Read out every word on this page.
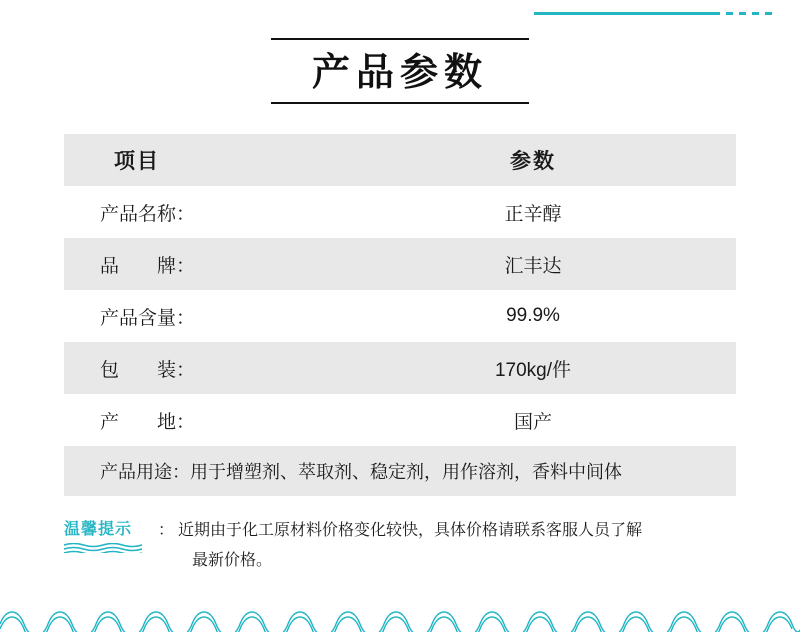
产品参数
项目	参数
产品名称：	正辛醇
品　　牌：	汇丰达
产品含量：	99.9%
包　　装：	170kg/件
产　　地：	国产
产品用途：用于增塑剂、萃取剂、稳定剂，用作溶剂，香料中间体
温馨提示	： 近期由于化工原材料价格变化较快，具体价格请联系客服人员了解
最新价格。
